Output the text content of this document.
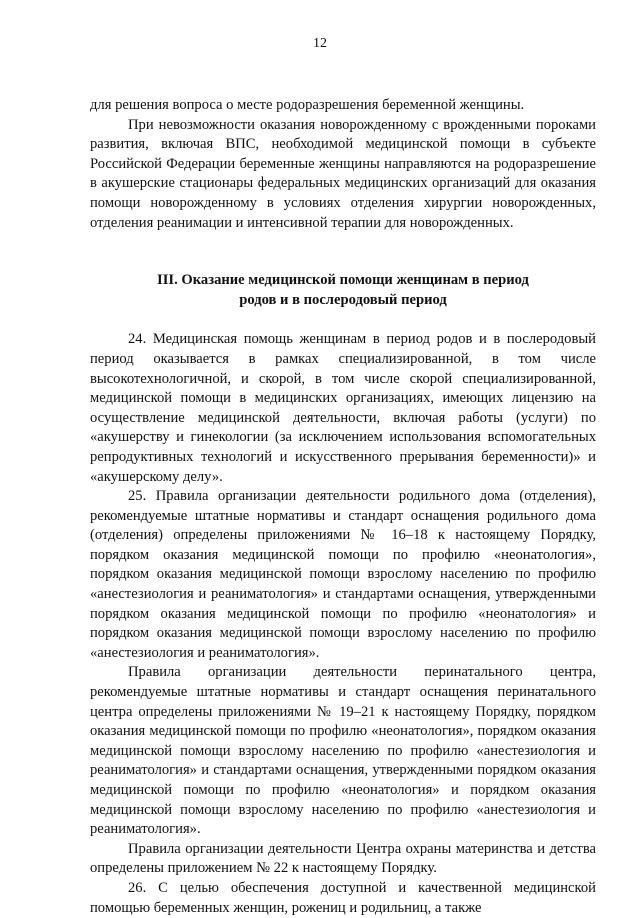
12

для решения вопроса о месте родоразрешения беременной женщины.

При невозможности оказания новорожденному с врожденными пороками развития, включая ВПС, необходимой медицинской помощи в субъекте Российской Федерации беременные женщины направляются на родоразрешение в акушерские стационары федеральных медицинских организаций для оказания помощи новорожденному в условиях отделения хирургии новорожденных, отделения реанимации и интенсивной терапии для новорожденных.

III. Оказание медицинской помощи женщинам в период
родов и в послеродовый период

24. Медицинская помощь женщинам в период родов и в послеродовый период оказывается в рамках специализированной, в том числе высокотехнологичной, и скорой, в том числе скорой специализированной, медицинской помощи в медицинских организациях, имеющих лицензию на осуществление медицинской деятельности, включая работы (услуги) по «акушерству и гинекологии (за исключением использования вспомогательных репродуктивных технологий и искусственного прерывания беременности)» и «акушерскому делу».

25. Правила организации деятельности родильного дома (отделения), рекомендуемые штатные нормативы и стандарт оснащения родильного дома (отделения) определены приложениями № 16–18 к настоящему Порядку, порядком оказания медицинской помощи по профилю «неонатология», порядком оказания медицинской помощи взрослому населению по профилю «анестезиология и реаниматология» и стандартами оснащения, утвержденными порядком оказания медицинской помощи по профилю «неонатология» и порядком оказания медицинской помощи взрослому населению по профилю «анестезиология и реаниматология».

Правила организации деятельности перинатального центра, рекомендуемые штатные нормативы и стандарт оснащения перинатального центра определены приложениями № 19–21 к настоящему Порядку, порядком оказания медицинской помощи по профилю «неонатология», порядком оказания медицинской помощи взрослому населению по профилю «анестезиология и реаниматология» и стандартами оснащения, утвержденными порядком оказания медицинской помощи по профилю «неонатология» и порядком оказания медицинской помощи взрослому населению по профилю «анестезиология и реаниматология».

Правила организации деятельности Центра охраны материнства и детства определены приложением № 22 к настоящему Порядку.

26. С целью обеспечения доступной и качественной медицинской помощью беременных женщин, рожениц и родильниц, а также
